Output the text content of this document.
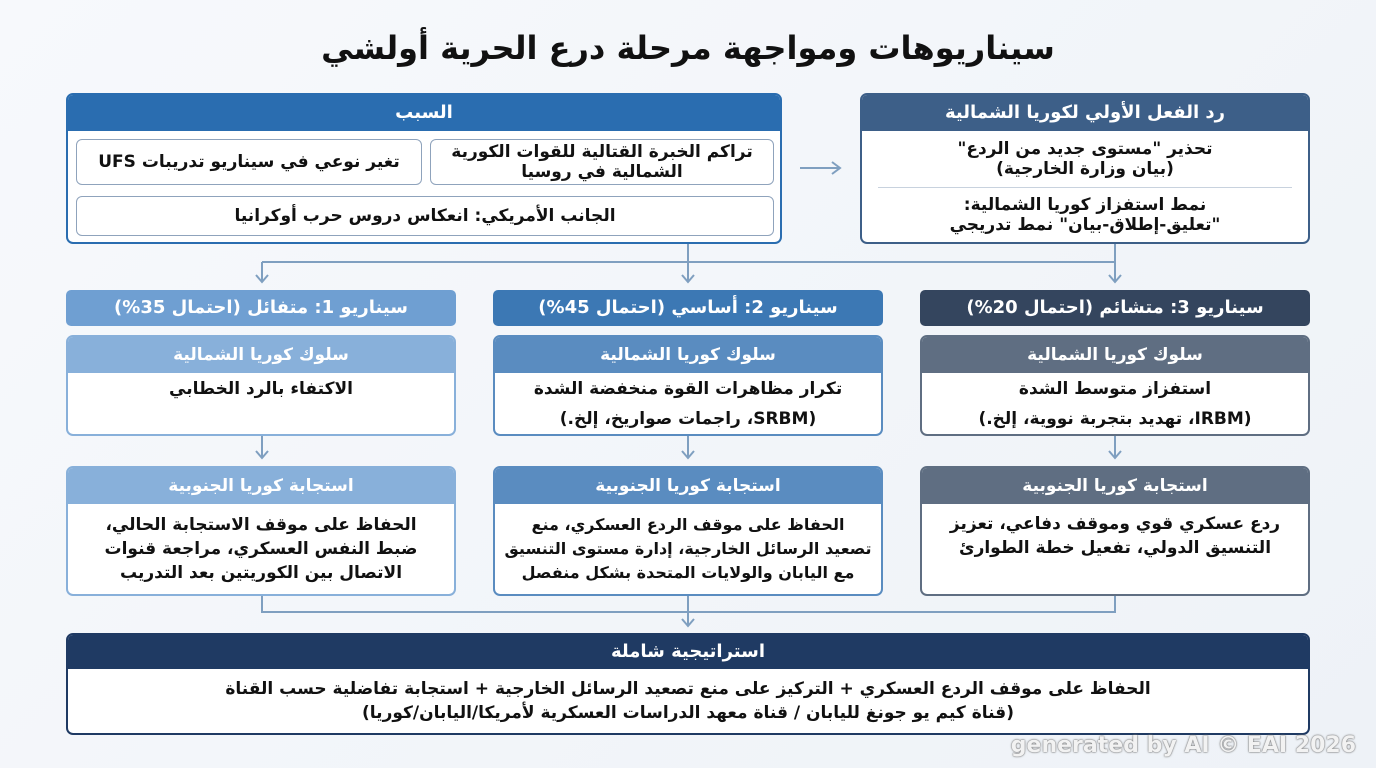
سيناريوهات ومواجهة مرحلة درع الحرية أولشي
السبب
تراكم الخبرة القتالية للقوات الكورية
الشمالية في روسيا
تغير نوعي في سيناريو تدريبات UFS
الجانب الأمريكي: انعكاس دروس حرب أوكرانيا
رد الفعل الأولي لكوريا الشمالية
تحذير "مستوى جديد من الردع"
(بيان وزارة الخارجية)
نمط استفزاز كوريا الشمالية:
"تعليق-إطلاق-بيان" نمط تدريجي
سيناريو 1: متفائل (احتمال 35%)
سلوك كوريا الشمالية
الاكتفاء بالرد الخطابي
استجابة كوريا الجنوبية
الحفاظ على موقف الاستجابة الحالي،
ضبط النفس العسكري، مراجعة قنوات
الاتصال بين الكوريتين بعد التدريب
سيناريو 2: أساسي (احتمال 45%)
سلوك كوريا الشمالية
تكرار مظاهرات القوة منخفضة الشدة
(SRBM، راجمات صواريخ، إلخ.)
استجابة كوريا الجنوبية
الحفاظ على موقف الردع العسكري، منع
تصعيد الرسائل الخارجية، إدارة مستوى التنسيق
مع اليابان والولايات المتحدة بشكل منفصل
سيناريو 3: متشائم (احتمال 20%)
سلوك كوريا الشمالية
استفزاز متوسط الشدة
(IRBM، تهديد بتجربة نووية، إلخ.)
استجابة كوريا الجنوبية
ردع عسكري قوي وموقف دفاعي، تعزيز
التنسيق الدولي، تفعيل خطة الطوارئ
استراتيجية شاملة
الحفاظ على موقف الردع العسكري + التركيز على منع تصعيد الرسائل الخارجية + استجابة تفاضلية حسب القناة
(قناة كيم يو جونغ لليابان / قناة معهد الدراسات العسكرية لأمريكا/اليابان/كوريا)
generated by AI © EAI 2026
